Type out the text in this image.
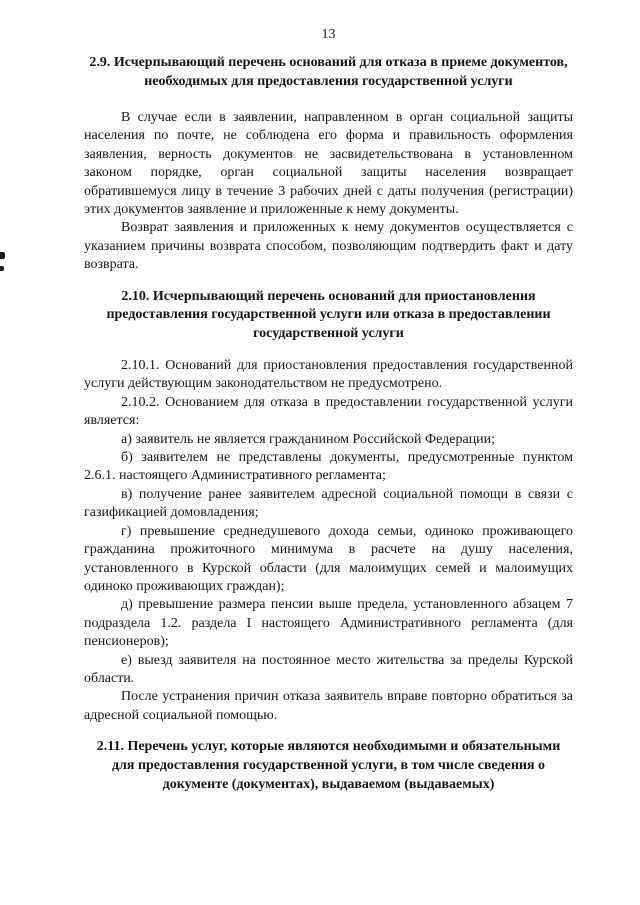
13
2.9. Исчерпывающий перечень оснований для отказа в приеме документов, необходимых для предоставления государственной услуги

В случае если в заявлении, направленном в орган социальной защиты населения по почте, не соблюдена его форма и правильность оформления заявления, верность документов не засвидетельствована в установленном законом порядке, орган социальной защиты населения возвращает обратившемуся лицу в течение 3 рабочих дней с даты получения (регистрации) этих документов заявление и приложенные к нему документы.

Возврат заявления и приложенных к нему документов осуществляется с указанием причины возврата способом, позволяющим подтвердить факт и дату возврата.

2.10. Исчерпывающий перечень оснований для приостановления предоставления государственной услуги или отказа в предоставлении государственной услуги

2.10.1. Оснований для приостановления предоставления государственной услуги действующим законодательством не предусмотрено.

2.10.2. Основанием для отказа в предоставлении государственной услуги является:

а) заявитель не является гражданином Российской Федерации;

б) заявителем не представлены документы, предусмотренные пунктом 2.6.1. настоящего Административного регламента;

в) получение ранее заявителем адресной социальной помощи в связи с газификацией домовладения;

г) превышение среднедушевого дохода семьи, одиноко проживающего гражданина прожиточного минимума в расчете на душу населения, установленного в Курской области (для малоимущих семей и малоимущих одиноко проживающих граждан);

д) превышение размера пенсии выше предела, установленного абзацем 7 подраздела 1.2. раздела I настоящего Административного регламента (для пенсионеров);

е) выезд заявителя на постоянное место жительства за пределы Курской области.

После устранения причин отказа заявитель вправе повторно обратиться за адресной социальной помощью.

2.11. Перечень услуг, которые являются необходимыми и обязательными для предоставления государственной услуги, в том числе сведения о документе (документах), выдаваемом (выдаваемых)
